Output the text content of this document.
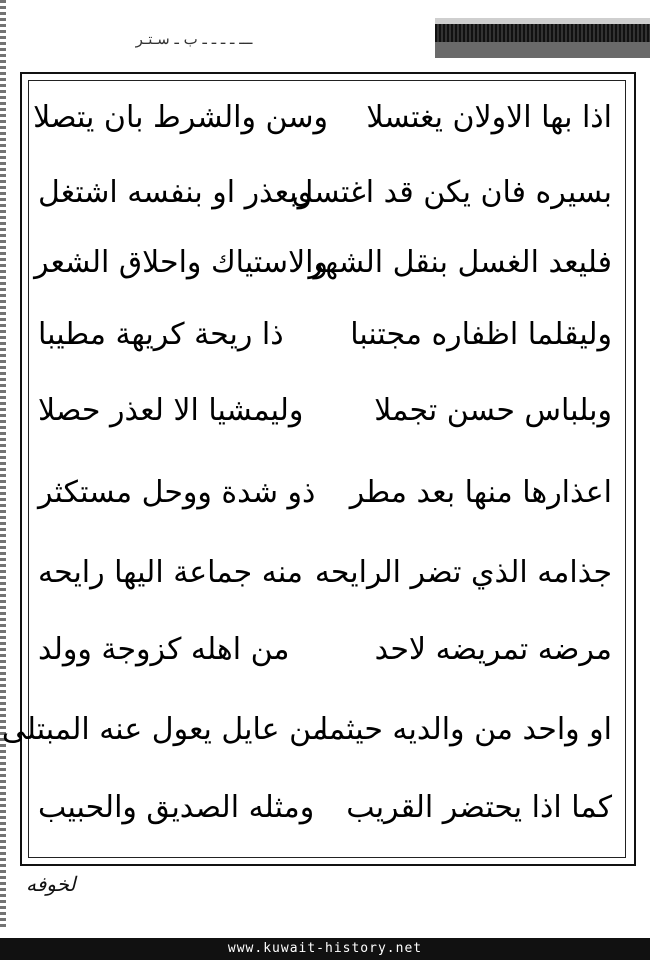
ـــ ـ ـ ـ ـ ب ـ سـتـر
اذا بها الاولان يغتسلا
وسن والشرط بان يتصلا
بسيره فان يكن قد اغتسل
وبعذر او بنفسه اشتغل
فليعد الغسل بنقل الشهر
والاستياك واحلاق الشعر
وليقلما اظفاره مجتنبا
ذا ريحة كريهة مطيبا
وبلباس حسن تجملا
وليمشيا الا لعذر حصلا
اعذارها منها بعد مطر
ذو شدة ووحل مستكثر
جذامه الذي تضر الرايحه
منه جماعة اليها رايحه
مرضه تمريضه لاحد
من اهله كزوجة وولد
او واحد من والديه حيثما
من عايل يعول عنه المبتلى
كما اذا يحتضر القريب
ومثله الصديق والحبيب
لخوفه
www.kuwait-history.net
